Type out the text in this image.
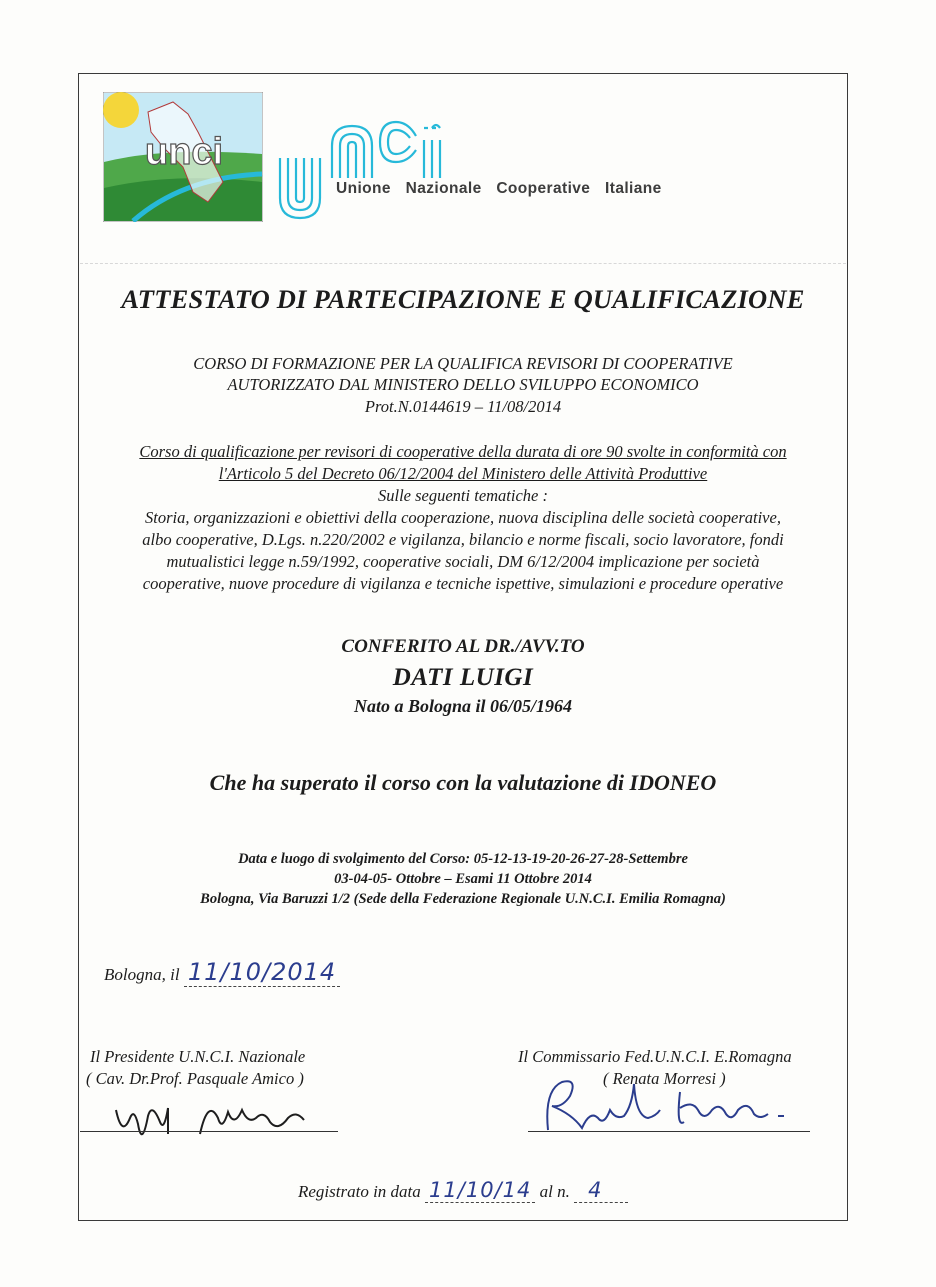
unci
Unione Nazionale Cooperative Italiane
ATTESTATO DI PARTECIPAZIONE E QUALIFICAZIONE
CORSO DI FORMAZIONE PER LA QUALIFICA REVISORI DI COOPERATIVE
AUTORIZZATO DAL MINISTERO DELLO SVILUPPO ECONOMICO
Prot.N.0144619 – 11/08/2014
Corso di qualificazione per revisori di cooperative della durata di ore 90 svolte in conformità con
l'Articolo 5 del Decreto 06/12/2004 del Ministero delle Attività Produttive
Sulle seguenti tematiche :
Storia, organizzazioni e obiettivi della cooperazione, nuova disciplina delle società cooperative,
albo cooperative, D.Lgs. n.220/2002 e vigilanza, bilancio e norme fiscali, socio lavoratore, fondi
mutualistici legge n.59/1992, cooperative sociali, DM 6/12/2004 implicazione per società
cooperative, nuove procedure di vigilanza e tecniche ispettive, simulazioni e procedure operative
CONFERITO AL DR./AVV.TO
DATI LUIGI
Nato a Bologna il 06/05/1964
Che ha superato il corso con la valutazione di IDONEO
Data e luogo di svolgimento del Corso: 05-12-13-19-20-26-27-28-Settembre
03-04-05- Ottobre – Esami 11 Ottobre 2014
Bologna, Via Baruzzi 1/2 (Sede della Federazione Regionale U.N.C.I. Emilia Romagna)
Bologna, il 11/10/2014
Il Presidente U.N.C.I. Nazionale
( Cav. Dr.Prof. Pasquale Amico )
Il Commissario Fed.U.N.C.I. E.Romagna
( Renata Morresi )
Registrato in data 11/10/14 al n. 4
